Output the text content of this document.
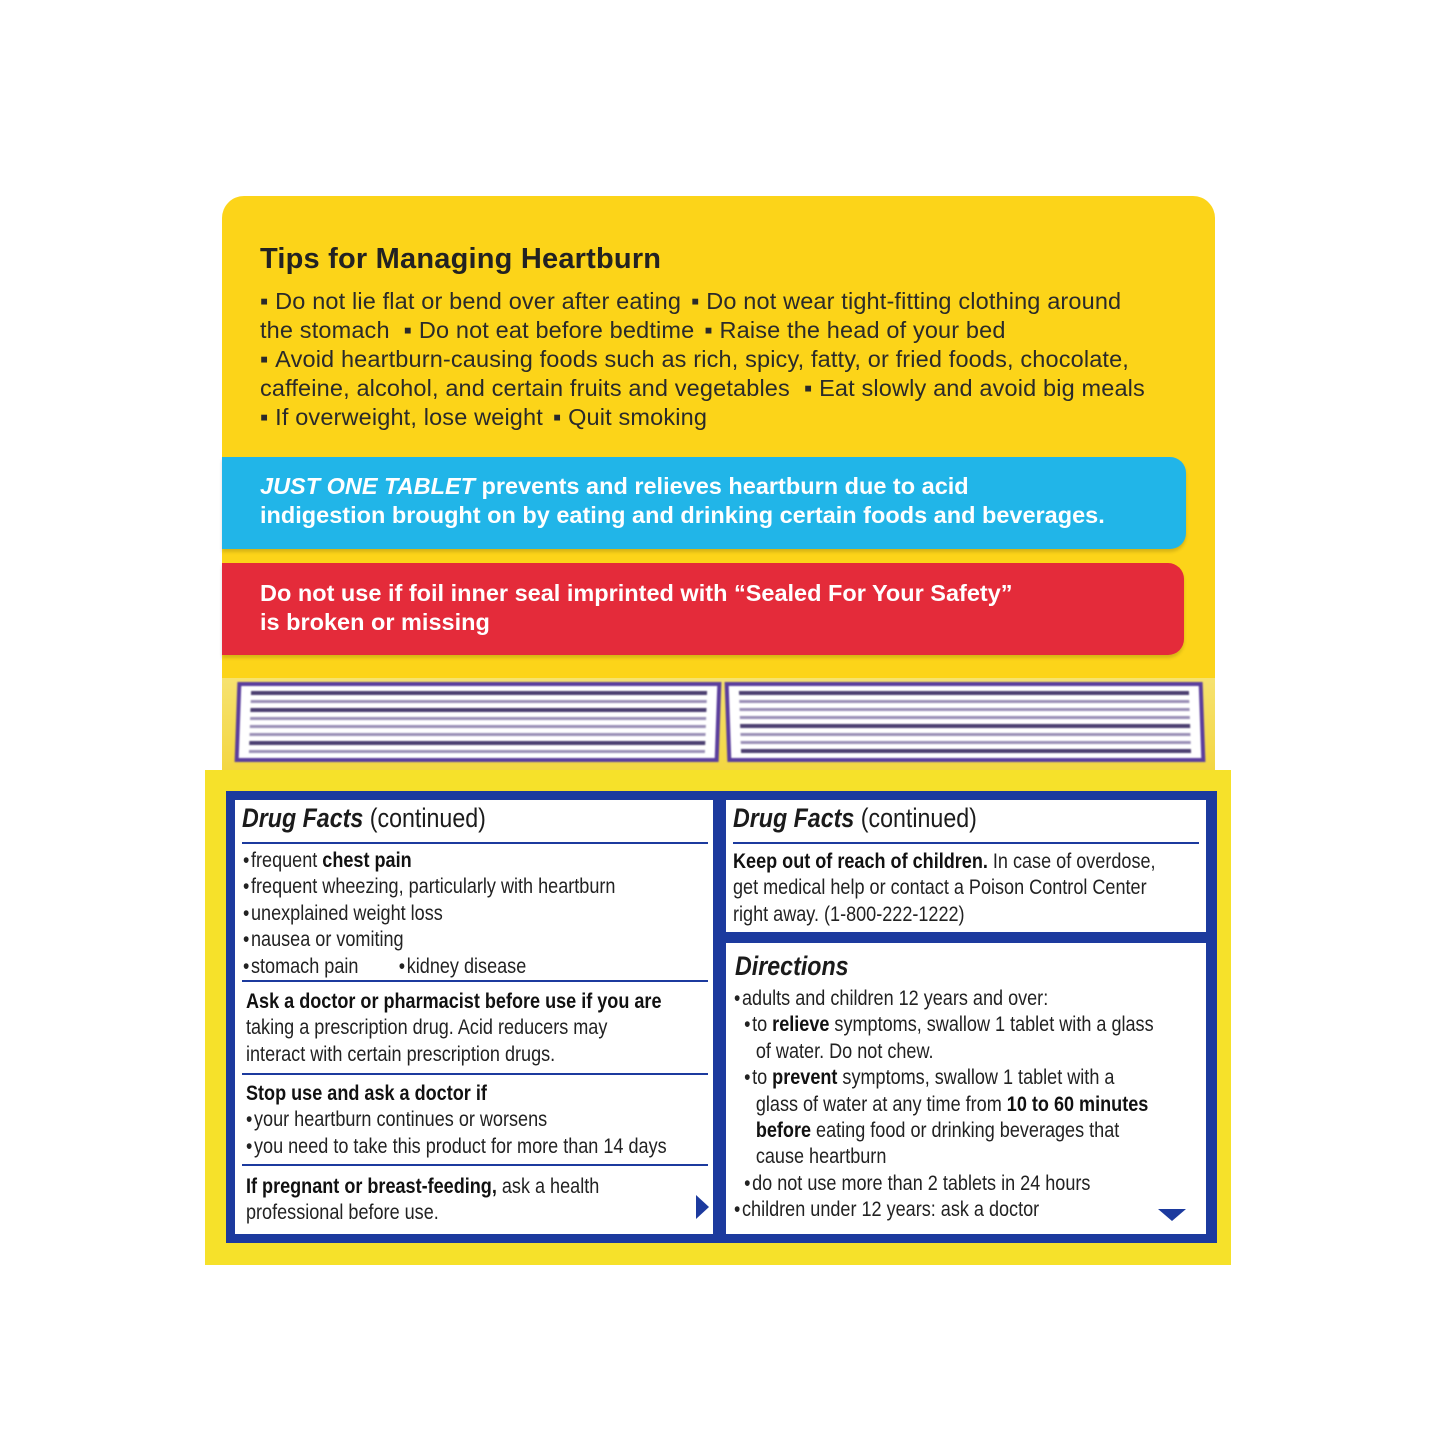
Tips for Managing Heartburn
▪ Do not lie flat or bend over after eating ▪ Do not wear tight-fitting clothing around
the stomach ▪ Do not eat before bedtime ▪ Raise the head of your bed
▪ Avoid heartburn-causing foods such as rich, spicy, fatty, or fried foods, chocolate,
caffeine, alcohol, and certain fruits and vegetables ▪ Eat slowly and avoid big meals
▪ If overweight, lose weight ▪ Quit smoking
JUST ONE TABLET prevents and relieves heartburn due to acid
indigestion brought on by eating and drinking certain foods and beverages.
Do not use if foil inner seal imprinted with “Sealed For Your Safety”
is broken or missing
Drug Facts (continued)
• frequent chest pain
• frequent wheezing, particularly with heartburn
• unexplained weight loss
• nausea or vomiting
• stomach pain • kidney disease
Ask a doctor or pharmacist before use if you are
taking a prescription drug. Acid reducers may
interact with certain prescription drugs.
Stop use and ask a doctor if
• your heartburn continues or worsens
• you need to take this product for more than 14 days
If pregnant or breast-feeding, ask a health
professional before use.
Drug Facts (continued)
Keep out of reach of children. In case of overdose,
get medical help or contact a Poison Control Center
right away. (1-800-222-1222)
Directions
• adults and children 12 years and over:
• to relieve symptoms, swallow 1 tablet with a glass
of water. Do not chew.
• to prevent symptoms, swallow 1 tablet with a
glass of water at any time from 10 to 60 minutes
before eating food or drinking beverages that
cause heartburn
• do not use more than 2 tablets in 24 hours
• children under 12 years: ask a doctor
